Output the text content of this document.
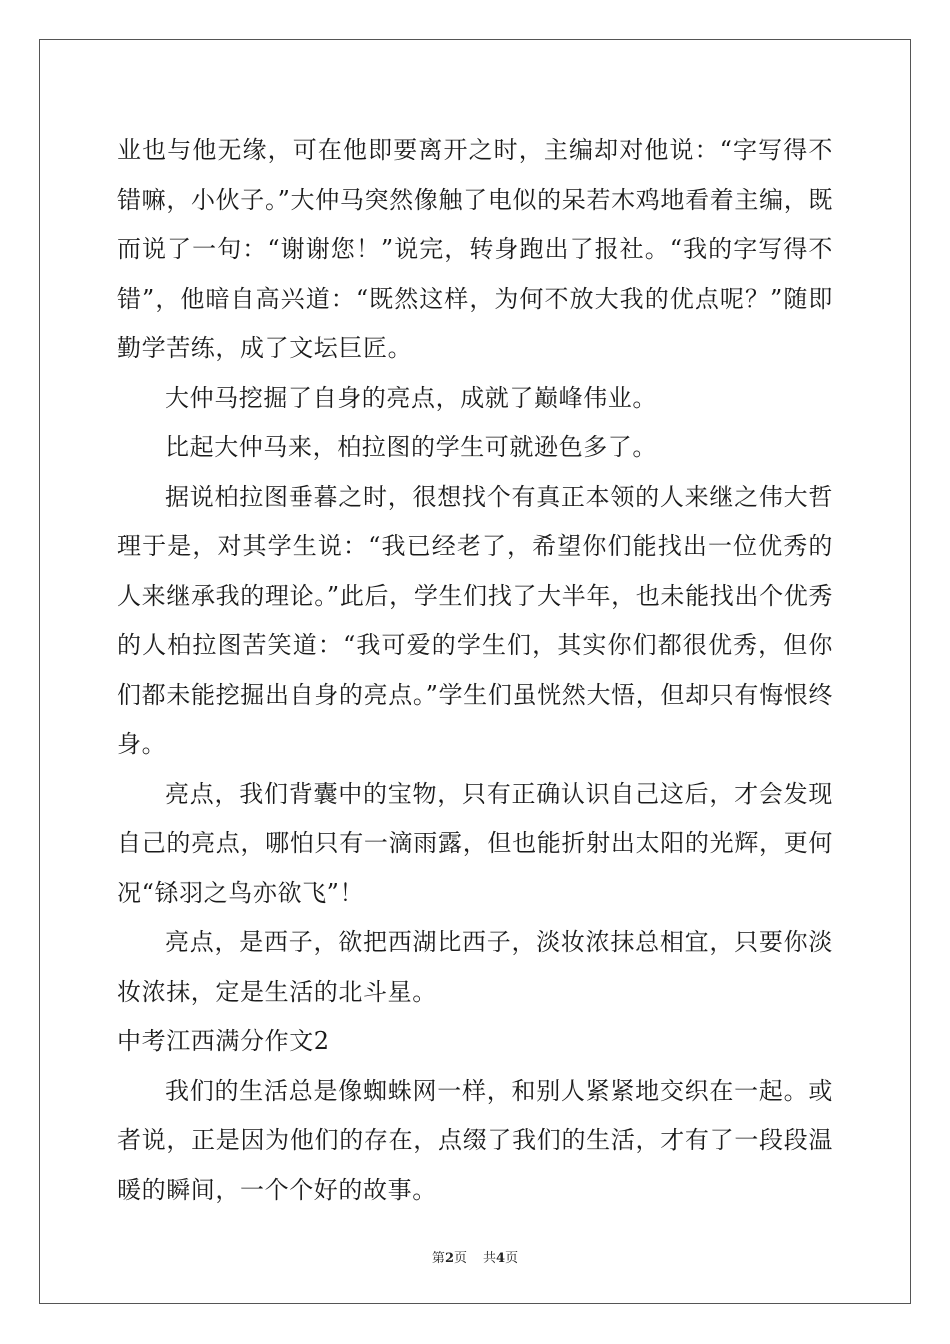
业也与他无缘，可在他即要离开之时，主编却对他说：“字写得不错嘛，小伙子。”大仲马突然像触了电似的呆若木鸡地看着主编，既而说了一句：“谢谢您！”说完，转身跑出了报社。“我的字写得不错”，他暗自高兴道：“既然这样，为何不放大我的优点呢？”随即勤学苦练，成了文坛巨匠。

大仲马挖掘了自身的亮点，成就了巅峰伟业。

比起大仲马来，柏拉图的学生可就逊色多了。

据说柏拉图垂暮之时，很想找个有真正本领的人来继之伟大哲理于是，对其学生说：“我已经老了，希望你们能找出一位优秀的人来继承我的理论。”此后，学生们找了大半年，也未能找出个优秀的人柏拉图苦笑道：“我可爱的学生们，其实你们都很优秀，但你们都未能挖掘出自身的亮点。”学生们虽恍然大悟，但却只有悔恨终身。

亮点，我们背囊中的宝物，只有正确认识自己这后，才会发现自己的亮点，哪怕只有一滴雨露，但也能折射出太阳的光辉，更何况“铩羽之鸟亦欲飞”！

亮点，是西子，欲把西湖比西子，淡妆浓抹总相宜，只要你淡妆浓抹，定是生活的北斗星。

中考江西满分作文2

我们的生活总是像蜘蛛网一样，和别人紧紧地交织在一起。或者说，正是因为他们的存在，点缀了我们的生活，才有了一段段温暖的瞬间，一个个好的故事。

第2页 共4页
